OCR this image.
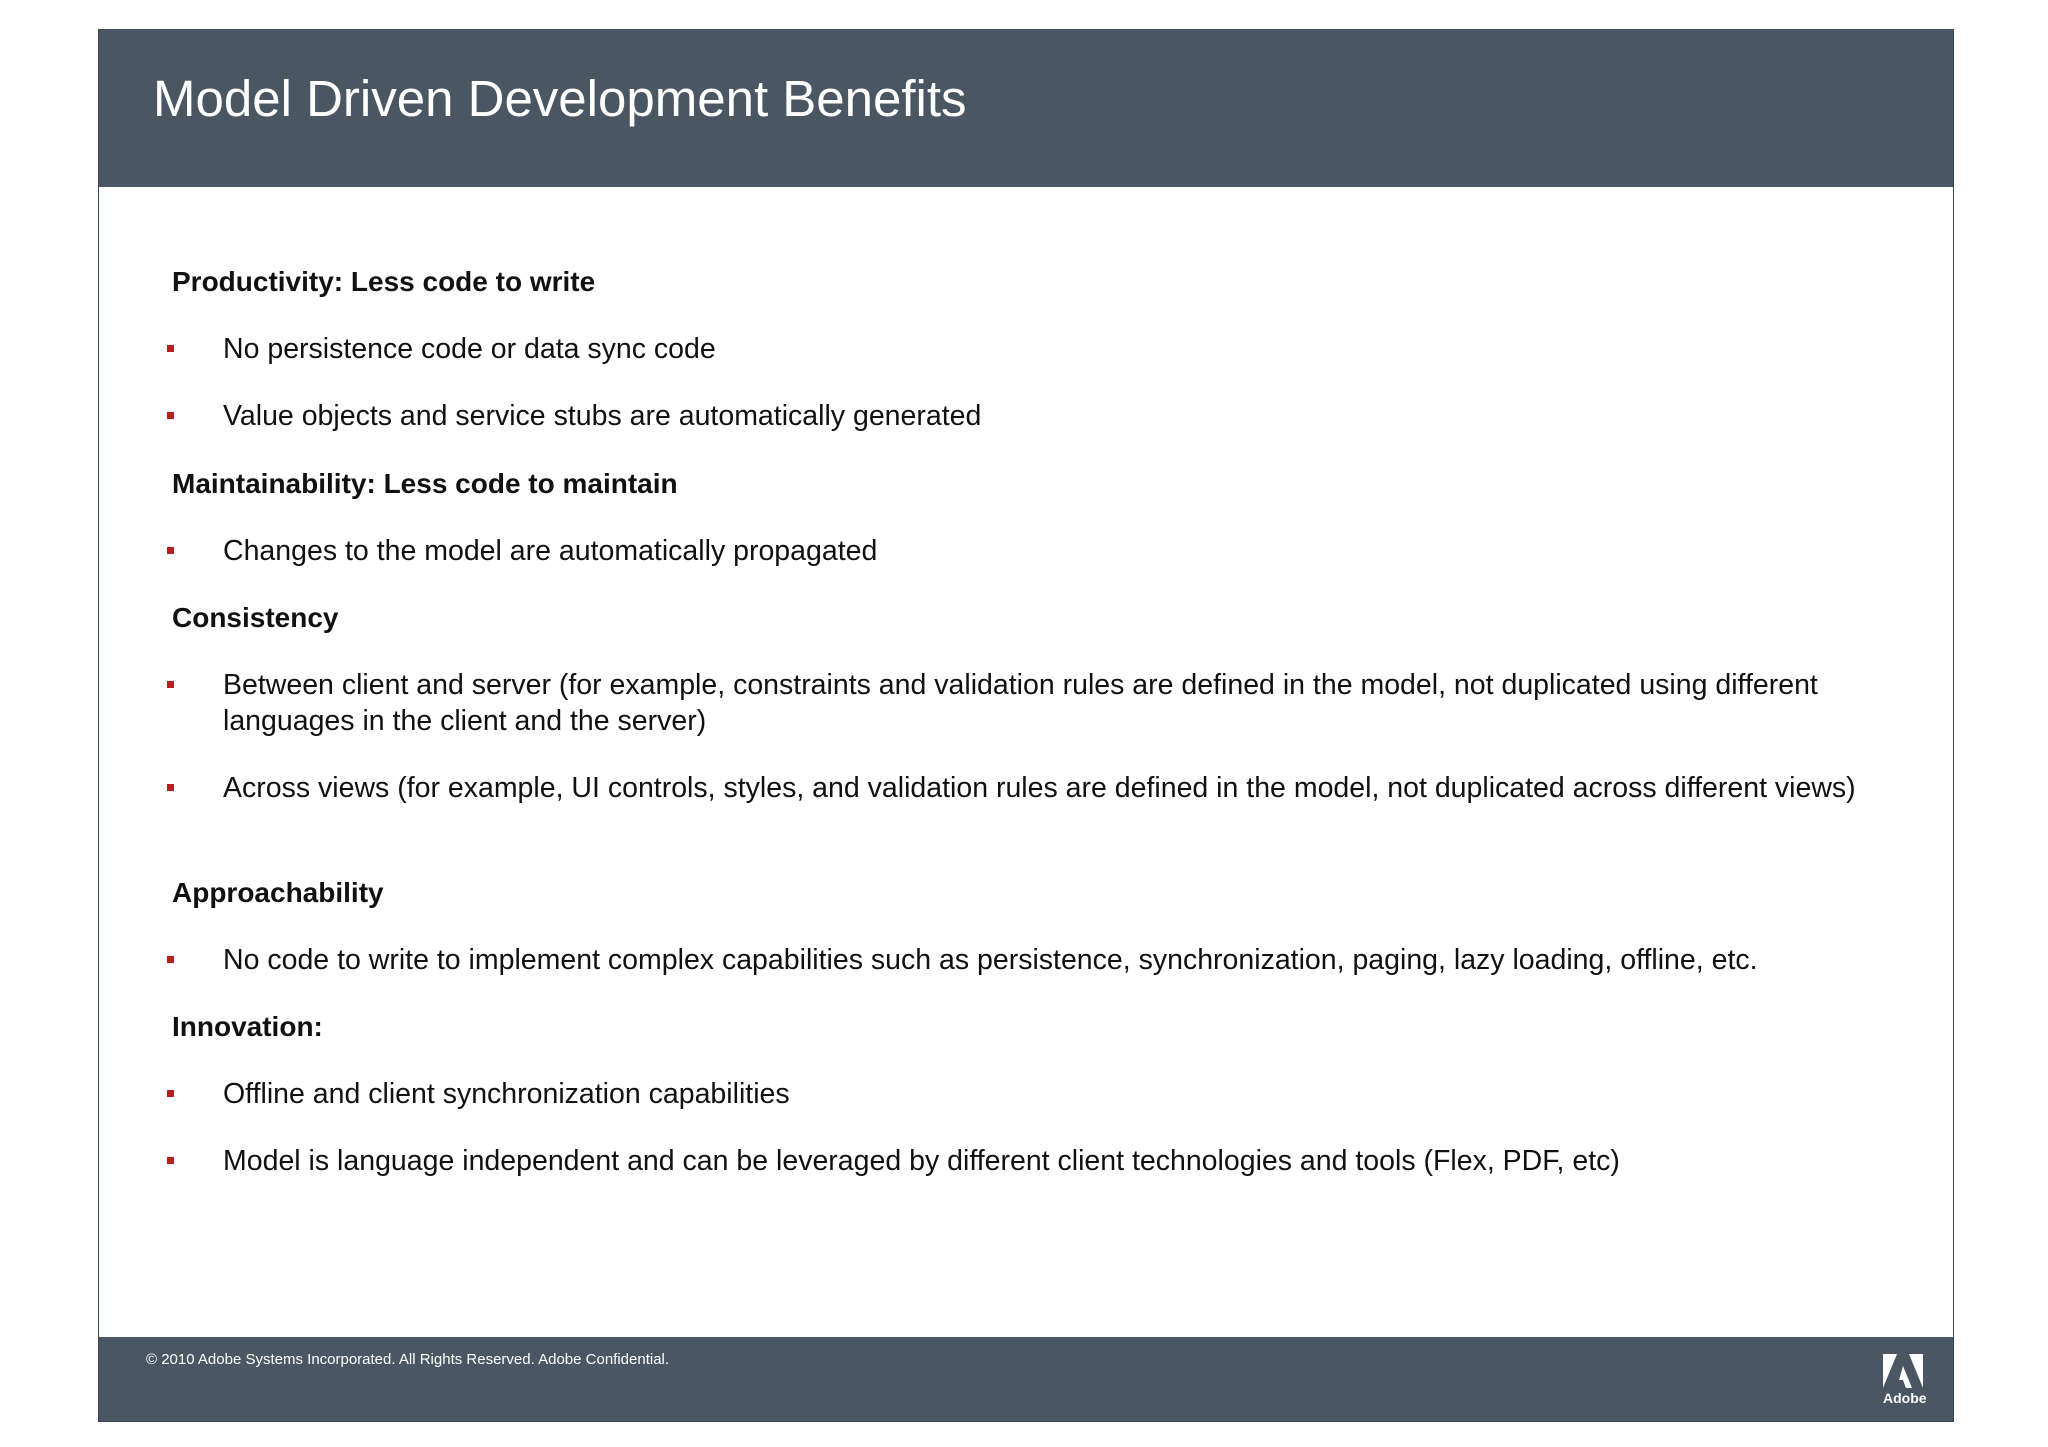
Model Driven Development Benefits
Productivity: Less code to write

No persistence code or data sync code

Value objects and service stubs are automatically generated

Maintainability: Less code to maintain

Changes to the model are automatically propagated

Consistency

Between client and server (for example, constraints and validation rules are defined in the model, not duplicated using different languages in the client and the server)

Across views (for example, UI controls, styles, and validation rules are defined in the model, not duplicated across different views)

Approachability

No code to write to implement complex capabilities such as persistence, synchronization, paging, lazy loading, offline, etc.

Innovation:

Offline and client synchronization capabilities

Model is language independent and can be leveraged by different client technologies and tools (Flex, PDF, etc)

© 2010 Adobe Systems Incorporated. All Rights Reserved. Adobe Confidential.

Adobe
